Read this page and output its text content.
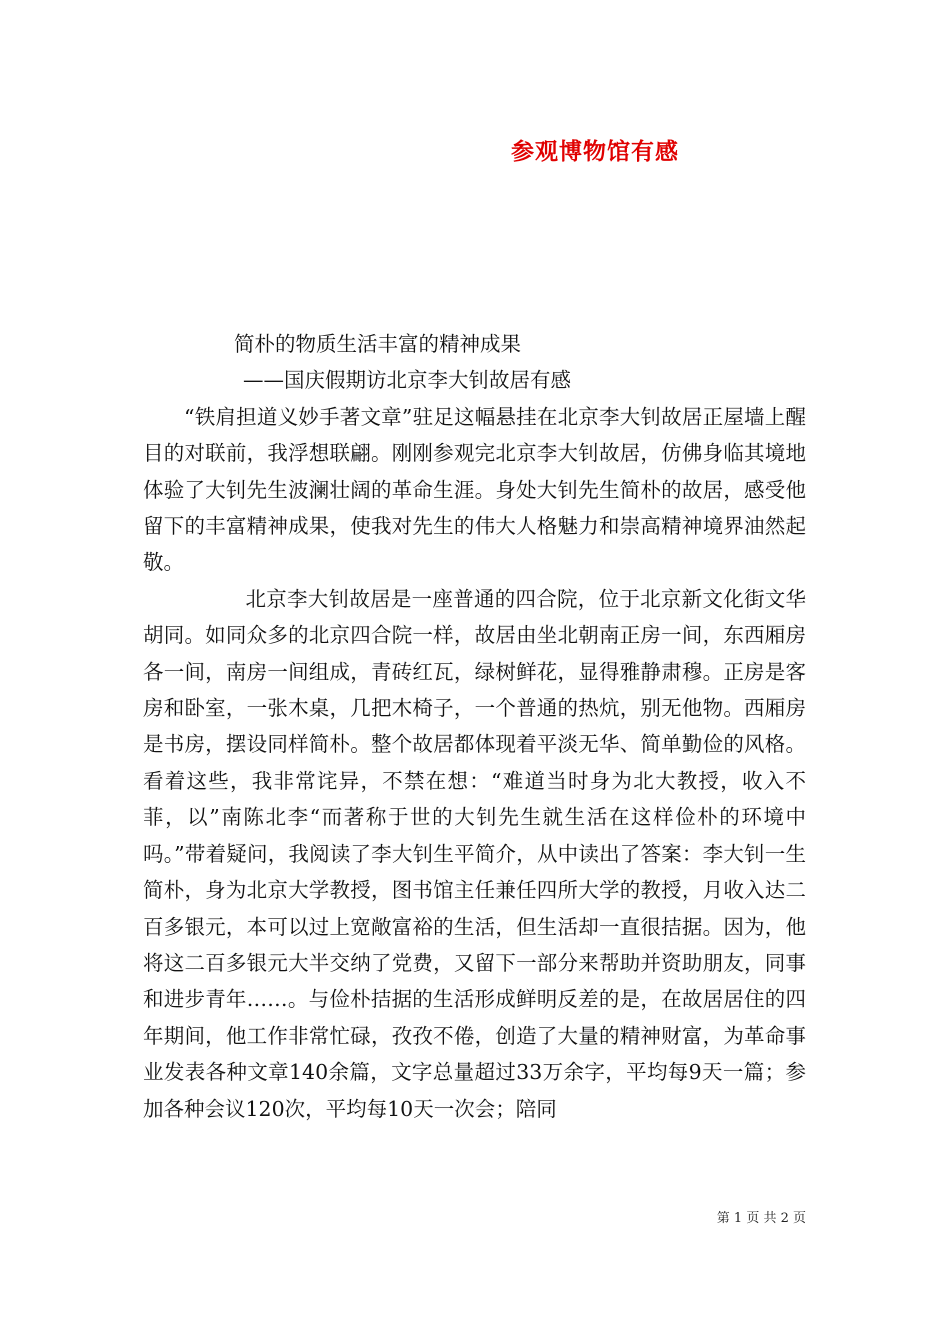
参观博物馆有感
简朴的物质生活丰富的精神成果
——国庆假期访北京李大钊故居有感

“铁肩担道义妙手著文章”驻足这幅悬挂在北京李大钊故居正屋墙上醒目的对联前，我浮想联翩。刚刚参观完北京李大钊故居，仿佛身临其境地体验了大钊先生波澜壮阔的革命生涯。身处大钊先生简朴的故居，感受他留下的丰富精神成果，使我对先生的伟大人格魅力和崇高精神境界油然起敬。

北京李大钊故居是一座普通的四合院，位于北京新文化街文华胡同。如同众多的北京四合院一样，故居由坐北朝南正房一间，东西厢房各一间，南房一间组成，青砖红瓦，绿树鲜花，显得雅静肃穆。正房是客房和卧室，一张木桌，几把木椅子，一个普通的热炕，别无他物。西厢房是书房，摆设同样简朴。整个故居都体现着平淡无华、简单勤俭的风格。看着这些，我非常诧异，不禁在想：“难道当时身为北大教授，收入不菲，以”南陈北李“而著称于世的大钊先生就生活在这样俭朴的环境中吗。”带着疑问，我阅读了李大钊生平简介，从中读出了答案：李大钊一生简朴，身为北京大学教授，图书馆主任兼任四所大学的教授，月收入达二百多银元，本可以过上宽敞富裕的生活，但生活却一直很拮据。因为，他将这二百多银元大半交纳了党费，又留下一部分来帮助并资助朋友，同事和进步青年……。与俭朴拮据的生活形成鲜明反差的是，在故居居住的四年期间，他工作非常忙碌，孜孜不倦，创造了大量的精神财富，为革命事业发表各种文章140余篇，文字总量超过33万余字，平均每9天一篇；参加各种会议120次，平均每10天一次会；陪同

第 1 页 共 2 页
